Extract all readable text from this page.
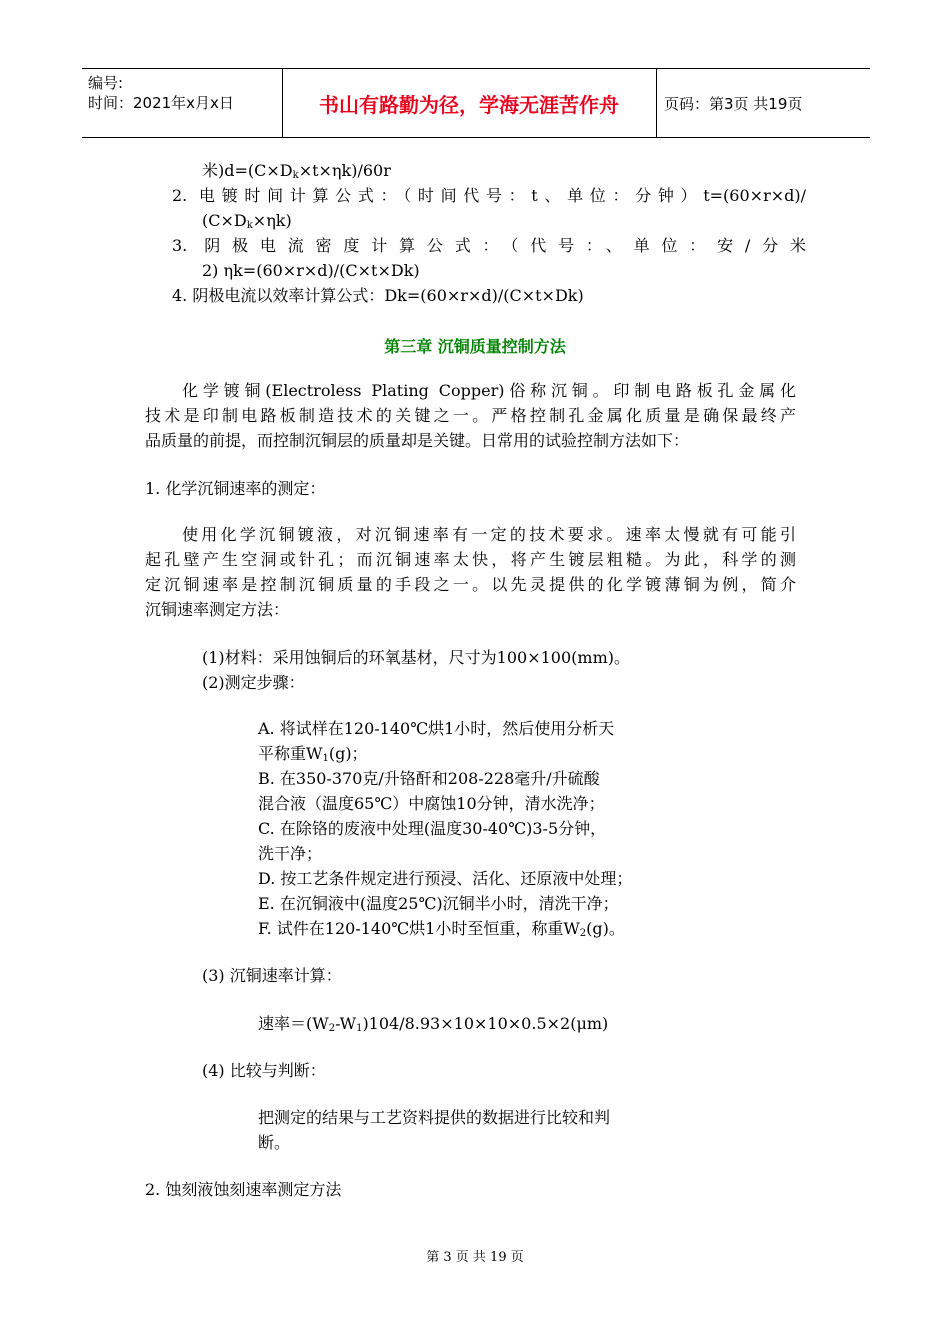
编号:
时间：2021年x月x日	书山有路勤为径，学海无涯苦作舟	页码：第3页 共19页
米)$d=(C\times D_k\times t\times\eta k)/60r$
2. 电镀时间计算公式：（时间代号：t、单位：分钟）t=(60×r×d)/
$(C\times D_k\times\eta k)$
3. 阴极电流密度计算公式：（代号：、单位：安/分米
2) ηk=(60×r×d)/(C×t×Dk)
4. 阴极电流以效率计算公式：Dk=(60×r×d)/(C×t×Dk)
第三章 沉铜质量控制方法
化学镀铜(Electroless Plating Copper)俗称沉铜。印制电路板孔金属化
技术是印制电路板制造技术的关键之一。严格控制孔金属化质量是确保最终产
品质量的前提，而控制沉铜层的质量却是关键。日常用的试验控制方法如下：
1. 化学沉铜速率的测定：
使用化学沉铜镀液，对沉铜速率有一定的技术要求。速率太慢就有可能引
起孔壁产生空洞或针孔；而沉铜速率太快，将产生镀层粗糙。为此，科学的测
定沉铜速率是控制沉铜质量的手段之一。以先灵提供的化学镀薄铜为例，简介
沉铜速率测定方法：
(1)材料：采用蚀铜后的环氧基材，尺寸为100×100(mm)。
(2)测定步骤：
A. 将试样在120-140℃烘1小时，然后使用分析天
平称重$W_1(g)$；
B. 在350-370克/升铬酐和208-228毫升/升硫酸
混合液（温度65℃）中腐蚀10分钟，清水洗净；
C. 在除铬的废液中处理(温度30-40℃)3-5分钟，
洗干净；
D. 按工艺条件规定进行预浸、活化、还原液中处理；
E. 在沉铜液中(温度25℃)沉铜半小时，清洗干净；
F. 试件在120-140℃烘1小时至恒重，称重$W_2(g)$。
(3) 沉铜速率计算：
速率$=(W_2-W_1)104/8.93\times 10\times 10\times 0.5\times 2(\mu m)$
(4) 比较与判断：
把测定的结果与工艺资料提供的数据进行比较和判
断。
2. 蚀刻液蚀刻速率测定方法
第 3 页 共 19 页
